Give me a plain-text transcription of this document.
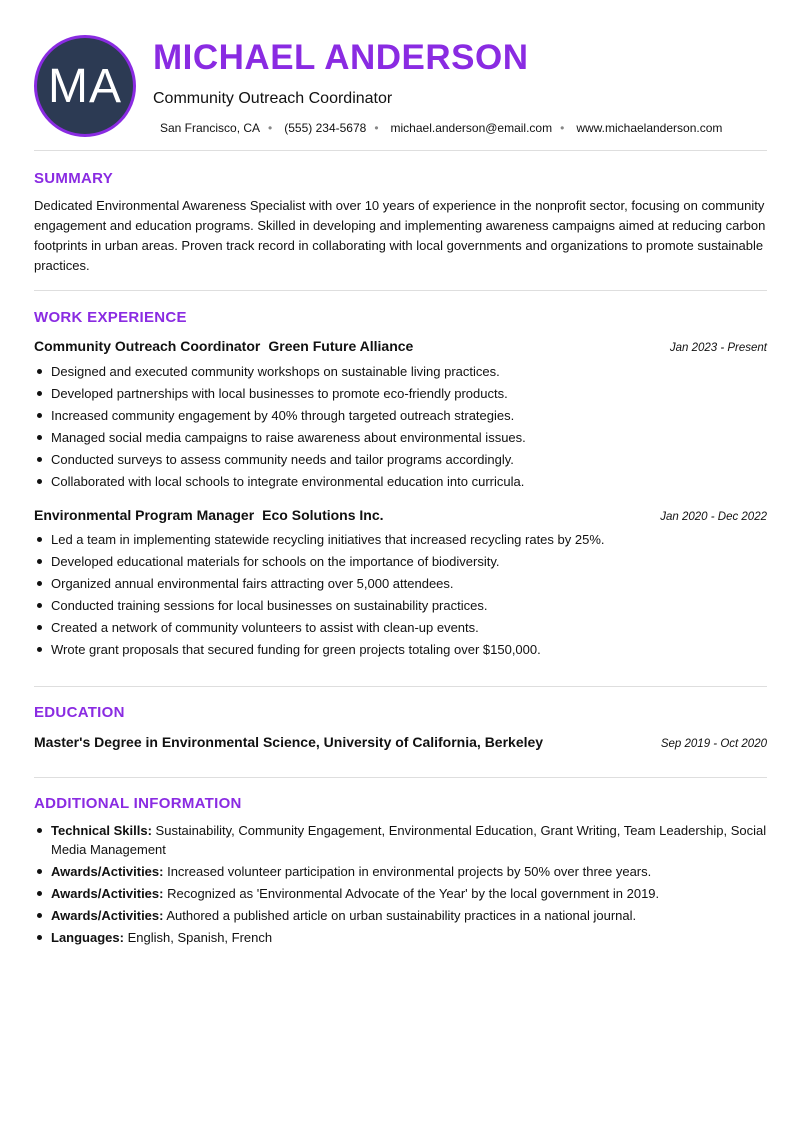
MA
MICHAEL ANDERSON
Community Outreach Coordinator
San Francisco, CA • (555) 234-5678 • michael.anderson@email.com • www.michaelanderson.com
SUMMARY

Dedicated Environmental Awareness Specialist with over 10 years of experience in the nonprofit sector, focusing on community engagement and education programs. Skilled in developing and implementing awareness campaigns aimed at reducing carbon footprints in urban areas. Proven track record in collaborating with local governments and organizations to promote sustainable practices.

WORK EXPERIENCE
Community Outreach Coordinator Green Future Alliance	Jan 2023 - Present
Designed and executed community workshops on sustainable living practices.
Developed partnerships with local businesses to promote eco-friendly products.
Increased community engagement by 40% through targeted outreach strategies.
Managed social media campaigns to raise awareness about environmental issues.
Conducted surveys to assess community needs and tailor programs accordingly.
Collaborated with local schools to integrate environmental education into curricula.
Environmental Program Manager Eco Solutions Inc.	Jan 2020 - Dec 2022
Led a team in implementing statewide recycling initiatives that increased recycling rates by 25%.
Developed educational materials for schools on the importance of biodiversity.
Organized annual environmental fairs attracting over 5,000 attendees.
Conducted training sessions for local businesses on sustainability practices.
Created a network of community volunteers to assist with clean-up events.
Wrote grant proposals that secured funding for green projects totaling over $150,000.
EDUCATION
Master's Degree in Environmental Science, University of California, Berkeley	Sep 2019 - Oct 2020
ADDITIONAL INFORMATION
Technical Skills: Sustainability, Community Engagement, Environmental Education, Grant Writing, Team Leadership, Social Media Management
Awards/Activities: Increased volunteer participation in environmental projects by 50% over three years.
Awards/Activities: Recognized as 'Environmental Advocate of the Year' by the local government in 2019.
Awards/Activities: Authored a published article on urban sustainability practices in a national journal.
Languages: English, Spanish, French
